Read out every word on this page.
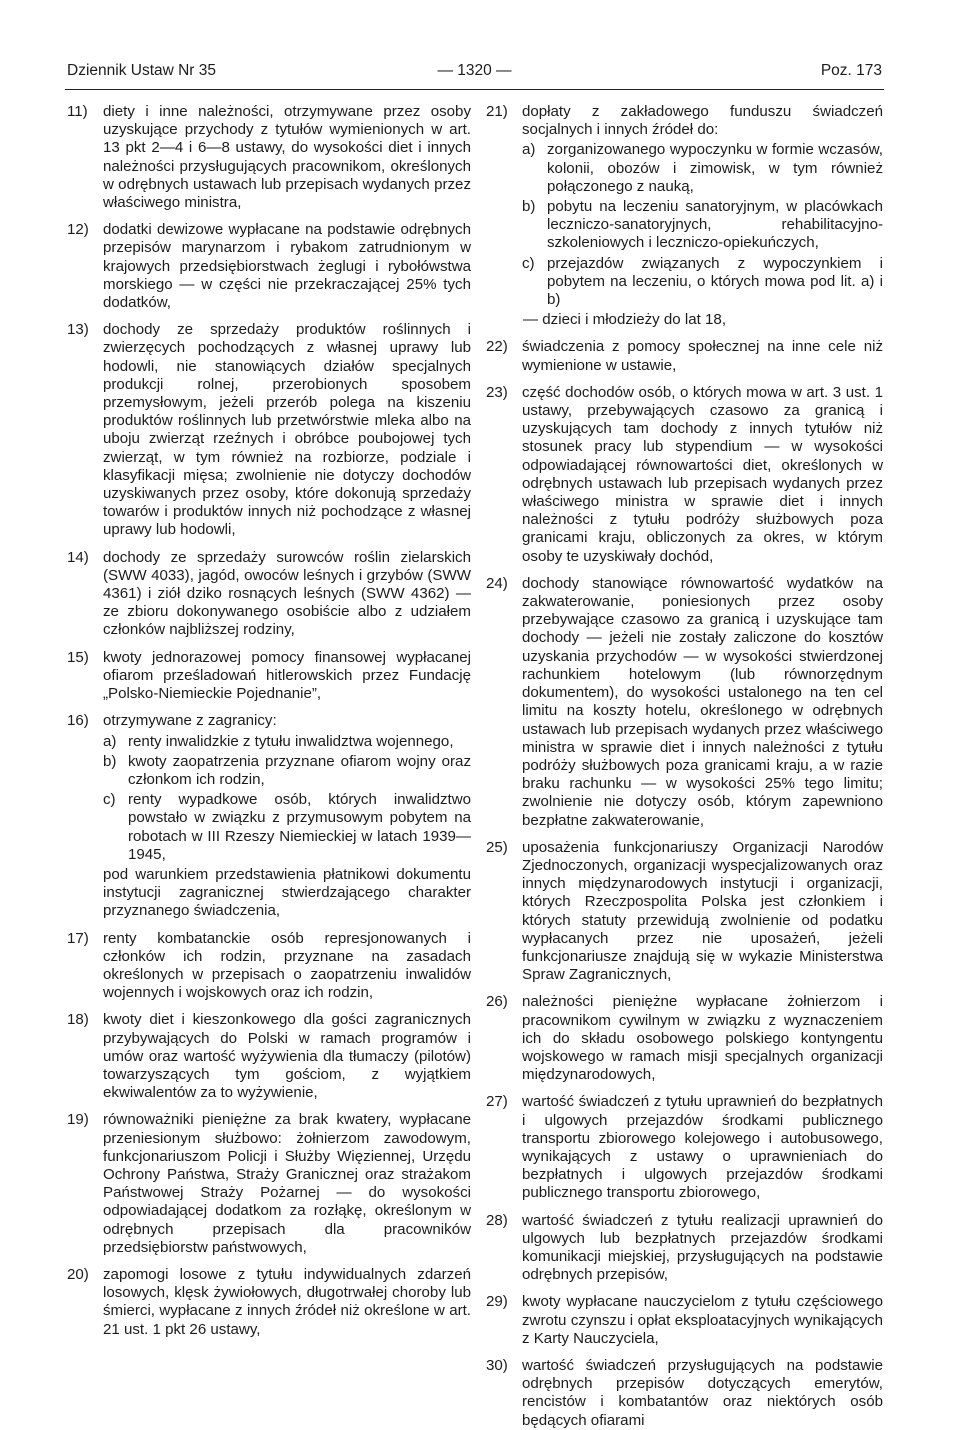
Dziennik Ustaw Nr 35	— 1320 —	Poz. 173
11) diety i inne należności, otrzymywane przez osoby uzyskujące przychody z tytułów wymienionych w art. 13 pkt 2—4 i 6—8 ustawy, do wysokości diet i innych należności przysługujących pracownikom, określonych w odrębnych ustawach lub przepisach wydanych przez właściwego ministra,
12) dodatki dewizowe wypłacane na podstawie odrębnych przepisów marynarzom i rybakom zatrudnionym w krajowych przedsiębiorstwach żeglugi i rybołówstwa morskiego — w części nie przekraczającej 25% tych dodatków,
13) dochody ze sprzedaży produktów roślinnych i zwierzęcych pochodzących z własnej uprawy lub hodowli, nie stanowiących działów specjalnych produkcji rolnej, przerobionych sposobem przemysłowym, jeżeli przerób polega na kiszeniu produktów roślinnych lub przetwórstwie mleka albo na uboju zwierząt rzeźnych i obróbce poubojowej tych zwierząt, w tym również na rozbiorze, podziale i klasyfikacji mięsa; zwolnienie nie dotyczy dochodów uzyskiwanych przez osoby, które dokonują sprzedaży towarów i produktów innych niż pochodzące z własnej uprawy lub hodowli,
14) dochody ze sprzedaży surowców roślin zielarskich (SWW 4033), jagód, owoców leśnych i grzybów (SWW 4361) i ziół dziko rosnących leśnych (SWW 4362) — ze zbioru dokonywanego osobiście albo z udziałem członków najbliższej rodziny,
15) kwoty jednorazowej pomocy finansowej wypłacanej ofiarom prześladowań hitlerowskich przez Fundację „Polsko-Niemieckie Pojednanie”,
16) otrzymywane z zagranicy:
a) renty inwalidzkie z tytułu inwalidztwa wojennego,
b) kwoty zaopatrzenia przyznane ofiarom wojny oraz członkom ich rodzin,
c) renty wypadkowe osób, których inwalidztwo powstało w związku z przymusowym pobytem na robotach w III Rzeszy Niemieckiej w latach 1939—1945,
pod warunkiem przedstawienia płatnikowi dokumentu instytucji zagranicznej stwierdzającego charakter przyznanego świadczenia,
17) renty kombatanckie osób represjonowanych i członków ich rodzin, przyznane na zasadach określonych w przepisach o zaopatrzeniu inwalidów wojennych i wojskowych oraz ich rodzin,
18) kwoty diet i kieszonkowego dla gości zagranicznych przybywających do Polski w ramach programów i umów oraz wartość wyżywienia dla tłumaczy (pilotów) towarzyszących tym gościom, z wyjątkiem ekwiwalentów za to wyżywienie,
19) równoważniki pieniężne za brak kwatery, wypłacane przeniesionym służbowo: żołnierzom zawodowym, funkcjonariuszom Policji i Służby Więziennej, Urzędu Ochrony Państwa, Straży Granicznej oraz strażakom Państwowej Straży Pożarnej — do wysokości odpowiadającej dodatkom za rozłąkę, określonym w odrębnych przepisach dla pracowników przedsiębiorstw państwowych,
20) zapomogi losowe z tytułu indywidualnych zdarzeń losowych, klęsk żywiołowych, długotrwałej choroby lub śmierci, wypłacane z innych źródeł niż określone w art. 21 ust. 1 pkt 26 ustawy,
21) dopłaty z zakładowego funduszu świadczeń socjalnych i innych źródeł do:
a) zorganizowanego wypoczynku w formie wczasów, kolonii, obozów i zimowisk, w tym również połączonego z nauką,
b) pobytu na leczeniu sanatoryjnym, w placówkach leczniczo-sanatoryjnych, rehabilitacyjno-szkoleniowych i leczniczo-opiekuńczych,
c) przejazdów związanych z wypoczynkiem i pobytem na leczeniu, o których mowa pod lit. a) i b)
— dzieci i młodzieży do lat 18,
22) świadczenia z pomocy społecznej na inne cele niż wymienione w ustawie,
23) część dochodów osób, o których mowa w art. 3 ust. 1 ustawy, przebywających czasowo za granicą i uzyskujących tam dochody z innych tytułów niż stosunek pracy lub stypendium — w wysokości odpowiadającej równowartości diet, określonych w odrębnych ustawach lub przepisach wydanych przez właściwego ministra w sprawie diet i innych należności z tytułu podróży służbowych poza granicami kraju, obliczonych za okres, w którym osoby te uzyskiwały dochód,
24) dochody stanowiące równowartość wydatków na zakwaterowanie, poniesionych przez osoby przebywające czasowo za granicą i uzyskujące tam dochody — jeżeli nie zostały zaliczone do kosztów uzyskania przychodów — w wysokości stwierdzonej rachunkiem hotelowym (lub równorzędnym dokumentem), do wysokości ustalonego na ten cel limitu na koszty hotelu, określonego w odrębnych ustawach lub przepisach wydanych przez właściwego ministra w sprawie diet i innych należności z tytułu podróży służbowych poza granicami kraju, a w razie braku rachunku — w wysokości 25% tego limitu; zwolnienie nie dotyczy osób, którym zapewniono bezpłatne zakwaterowanie,
25) uposażenia funkcjonariuszy Organizacji Narodów Zjednoczonych, organizacji wyspecjalizowanych oraz innych międzynarodowych instytucji i organizacji, których Rzeczpospolita Polska jest członkiem i których statuty przewidują zwolnienie od podatku wypłacanych przez nie uposażeń, jeżeli funkcjonariusze znajdują się w wykazie Ministerstwa Spraw Zagranicznych,
26) należności pieniężne wypłacane żołnierzom i pracownikom cywilnym w związku z wyznaczeniem ich do składu osobowego polskiego kontyngentu wojskowego w ramach misji specjalnych organizacji międzynarodowych,
27) wartość świadczeń z tytułu uprawnień do bezpłatnych i ulgowych przejazdów środkami publicznego transportu zbiorowego kolejowego i autobusowego, wynikających z ustawy o uprawnieniach do bezpłatnych i ulgowych przejazdów środkami publicznego transportu zbiorowego,
28) wartość świadczeń z tytułu realizacji uprawnień do ulgowych lub bezpłatnych przejazdów środkami komunikacji miejskiej, przysługujących na podstawie odrębnych przepisów,
29) kwoty wypłacane nauczycielom z tytułu częściowego zwrotu czynszu i opłat eksploatacyjnych wynikających z Karty Nauczyciela,
30) wartość świadczeń przysługujących na podstawie odrębnych przepisów dotyczących emerytów, rencistów i kombatantów oraz niektórych osób będących ofiarami
